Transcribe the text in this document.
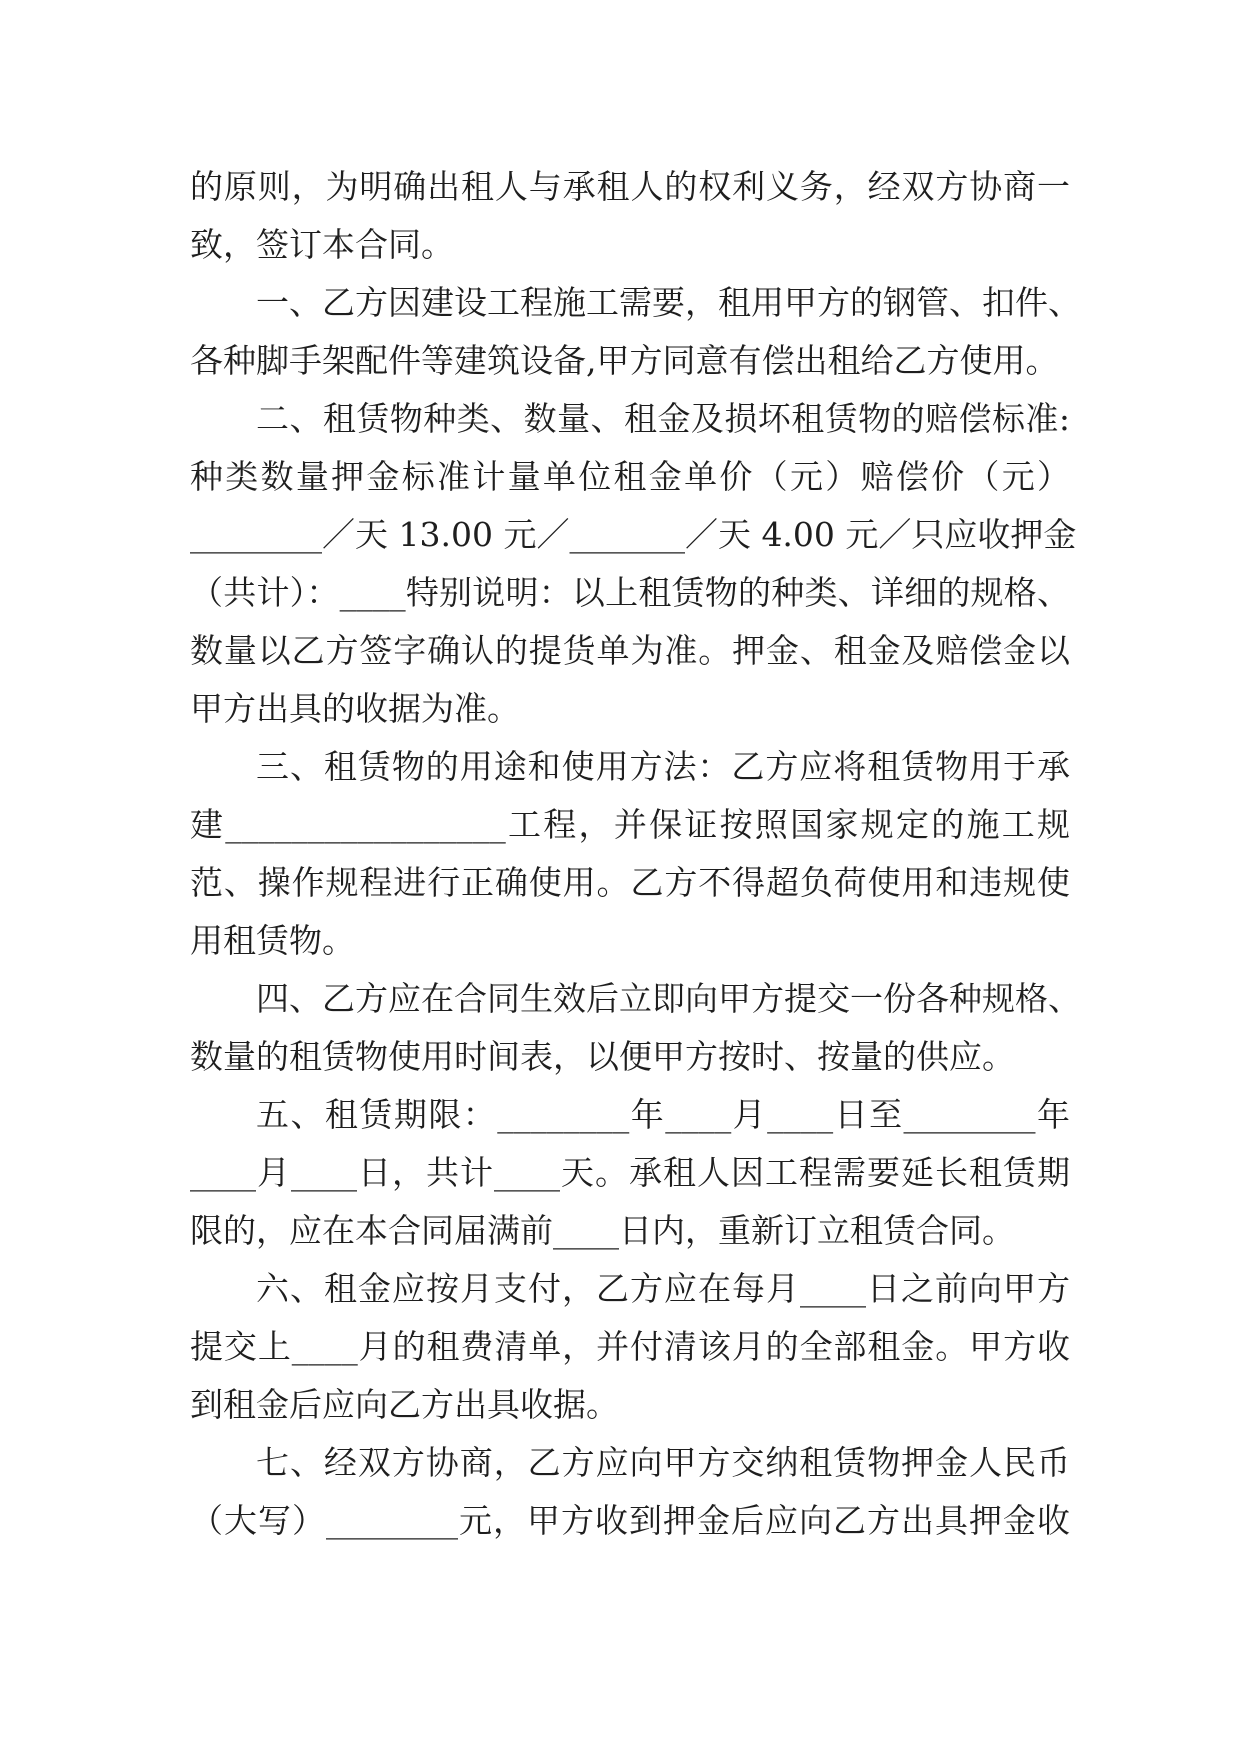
的原则，为明确出租人与承租人的权利义务，经双方协商一
致，签订本合同。
一、乙方因建设工程施工需要，租用甲方的钢管、扣件、
各种脚手架配件等建筑设备,甲方同意有偿出租给乙方使用。
二、租赁物种类、数量、租金及损坏租赁物的赔偿标准:
种类数量押金标准计量单位租金单价（元）赔偿价（元）
________／天 13.00 元／_______／天 4.00 元／只应收押金
（共计）：____特别说明：以上租赁物的种类、详细的规格、
数量以乙方签字确认的提货单为准。押金、租金及赔偿金以
甲方出具的收据为准。
三、租赁物的用途和使用方法：乙方应将租赁物用于承
建_________________工程，并保证按照国家规定的施工规
范、操作规程进行正确使用。乙方不得超负荷使用和违规使
用租赁物。
四、乙方应在合同生效后立即向甲方提交一份各种规格、
数量的租赁物使用时间表，以便甲方按时、按量的供应。
五、租赁期限：________年____月____日至________年
____月____日，共计____天。承租人因工程需要延长租赁期
限的，应在本合同届满前____日内，重新订立租赁合同。
六、租金应按月支付，乙方应在每月____日之前向甲方
提交上____月的租费清单，并付清该月的全部租金。甲方收
到租金后应向乙方出具收据。
七、经双方协商，乙方应向甲方交纳租赁物押金人民币
（大写）________元，甲方收到押金后应向乙方出具押金收
